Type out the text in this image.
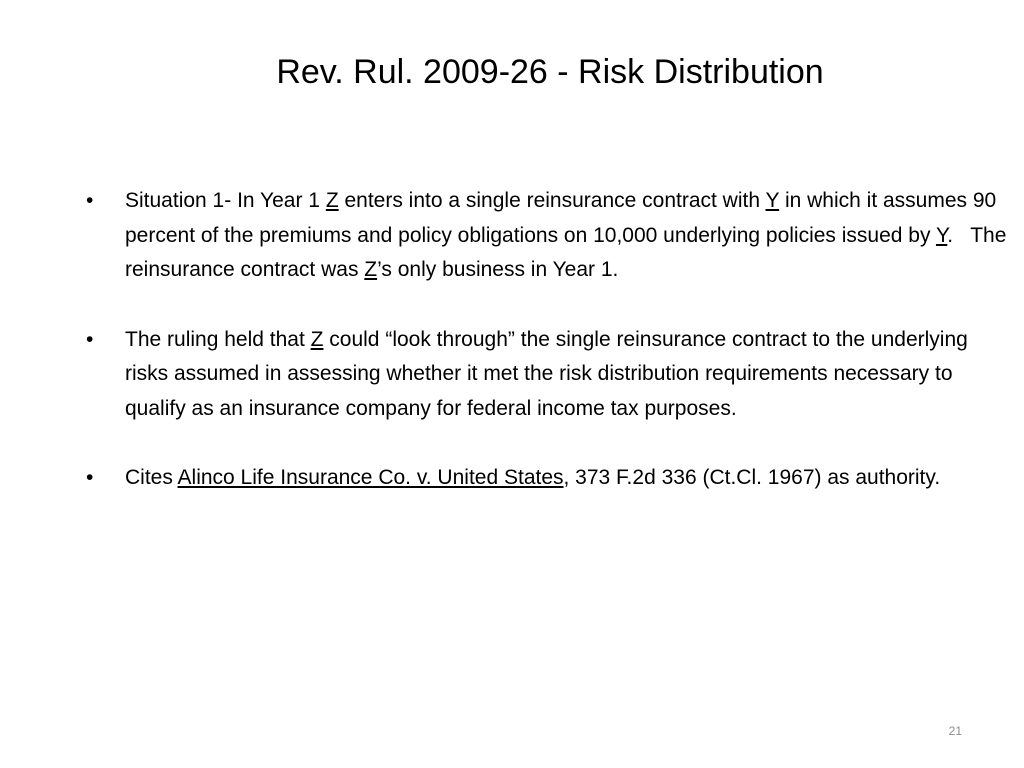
Rev. Rul. 2009-26 - Risk Distribution
•	Situation 1- In Year 1 Z enters into a single reinsurance contract with Y in which it assumes 90 percent of the premiums and policy obligations on 10,000 underlying policies issued by Y.   The reinsurance contract was Z’s only business in Year 1.
•	The ruling held that Z could “look through” the single reinsurance contract to the underlying risks assumed in assessing whether it met the risk distribution requirements necessary to qualify as an insurance company for federal income tax purposes.
•	Cites Alinco Life Insurance Co. v. United States, 373 F.2d 336 (Ct.Cl. 1967) as authority.
21
